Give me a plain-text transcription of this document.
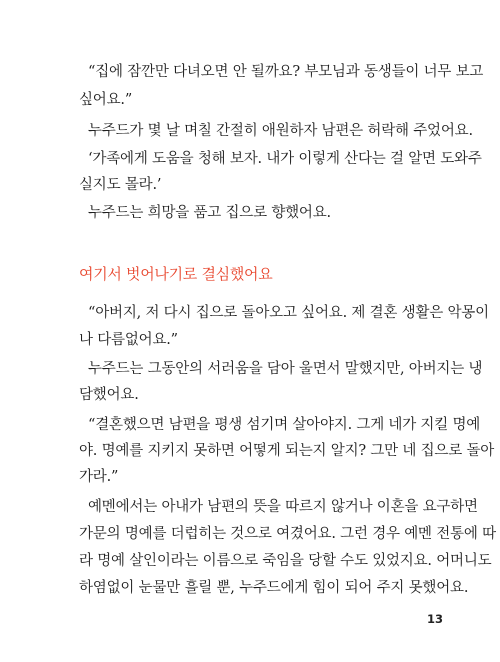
“집에 잠깐만 다녀오면 안 될까요? 부모님과 동생들이 너무 보고
싶어요.”
누주드가 몇 날 며칠 간절히 애원하자 남편은 허락해 주었어요.
‘가족에게 도움을 청해 보자. 내가 이렇게 산다는 걸 알면 도와주
실지도 몰라.’
누주드는 희망을 품고 집으로 향했어요.
여기서 벗어나기로 결심했어요
“아버지, 저 다시 집으로 돌아오고 싶어요. 제 결혼 생활은 악몽이
나 다름없어요.”
누주드는 그동안의 서러움을 담아 울면서 말했지만, 아버지는 냉
담했어요.
“결혼했으면 남편을 평생 섬기며 살아야지. 그게 네가 지킬 명예
야. 명예를 지키지 못하면 어떻게 되는지 알지? 그만 네 집으로 돌아
가라.”
예멘에서는 아내가 남편의 뜻을 따르지 않거나 이혼을 요구하면
가문의 명예를 더럽히는 것으로 여겼어요. 그런 경우 예멘 전통에 따
라 명예 살인이라는 이름으로 죽임을 당할 수도 있었지요. 어머니도
하염없이 눈물만 흘릴 뿐, 누주드에게 힘이 되어 주지 못했어요.
13
